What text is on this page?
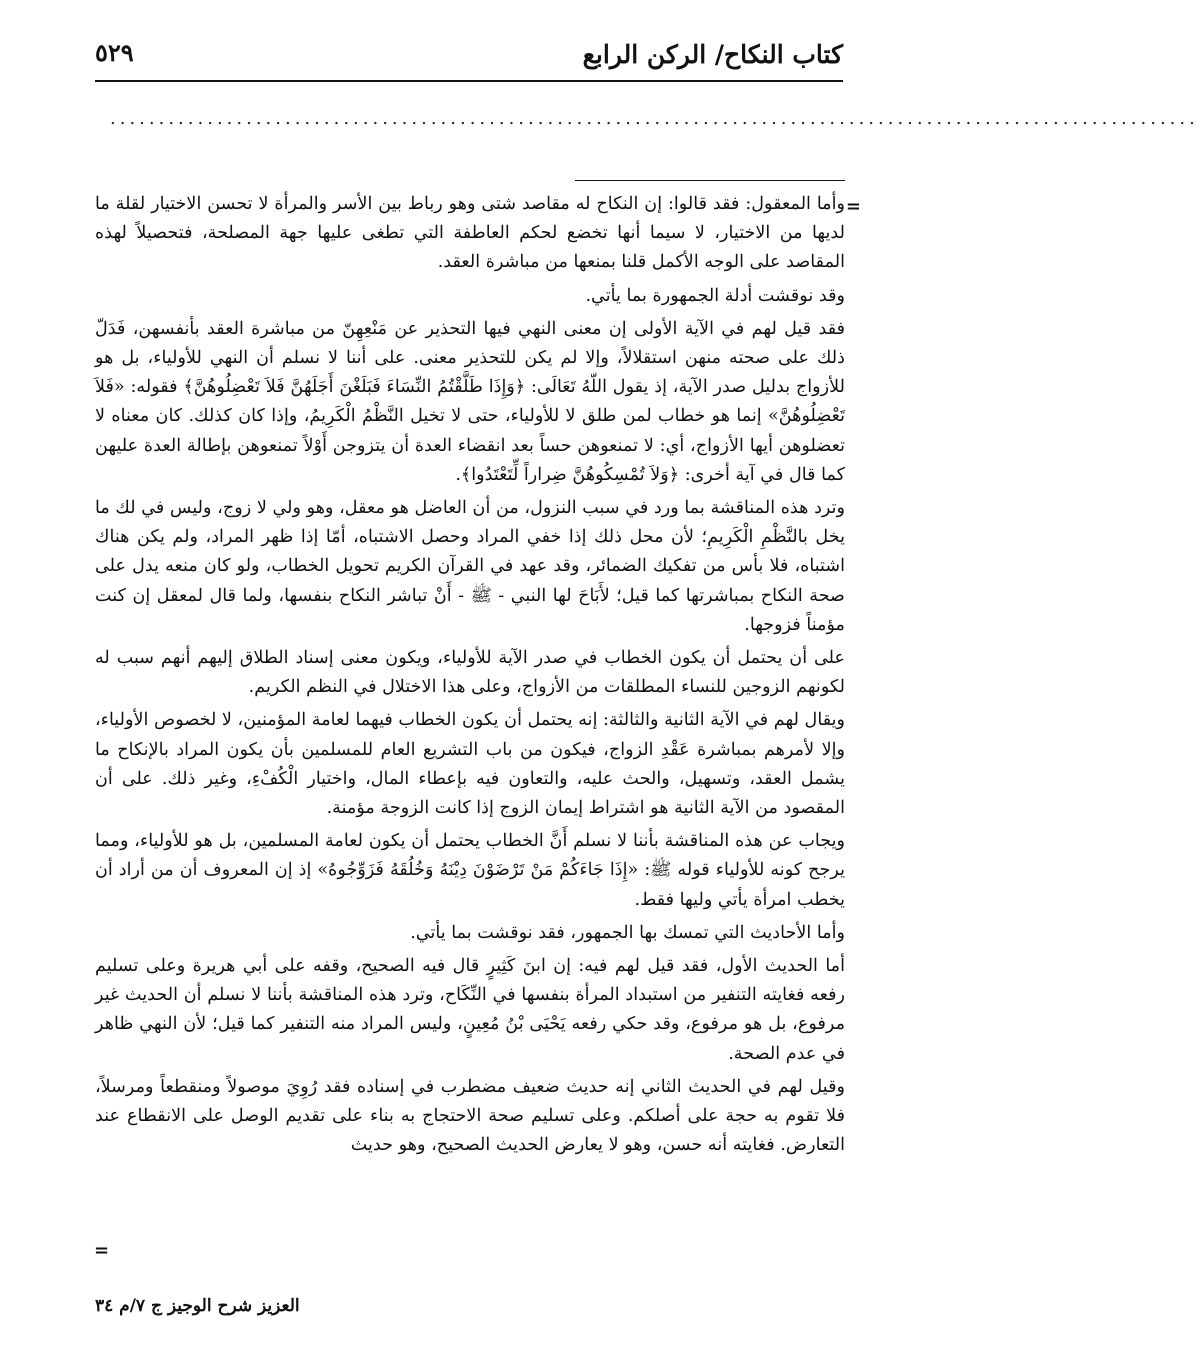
كتاب النكاح/ الركن الرابع
٥٢٩
................................................................................................................
=

وأما المعقول: فقد قالوا: إن النكاح له مقاصد شتى وهو رباط بين الأسر والمرأة لا تحسن الاختيار لقلة ما لديها من الاختيار، لا سيما أنها تخضع لحكم العاطفة التي تطغى عليها جهة المصلحة، فتحصيلاً لهذه المقاصد على الوجه الأكمل قلنا بمنعها من مباشرة العقد.

وقد نوقشت أدلة الجمهورة بما يأتي.

فقد قيل لهم في الآية الأولى إن معنى النهي فيها التحذير عن مَنْعِهِنّ من مباشرة العقد بأنفسهن، فَدَلّ ذلك على صحته منهن استقلالاً، وإلا لم يكن للتحذير معنى. على أننا لا نسلم أن النهي للأولياء، بل هو للأزواج بدليل صدر الآية، إذ يقول اللّهُ تَعَالَى: ﴿وَإِذَا طَلَّقْتُمُ النِّسَاءَ فَبَلَغْنَ أَجَلَهُنَّ فَلاَ تَعْضِلُوهُنَّ﴾ فقوله: «فَلاَ تَعْضِلُوهُنَّ» إنما هو خطاب لمن طلق لا للأولياء، حتى لا تخيل النَّظْمُ الْكَرِيمُ، وإذا كان كذلك. كان معناه لا تعضلوهن أيها الأزواج، أي: لا تمنعوهن حساً بعد انقضاء العدة أن يتزوجن أَوْلاً تمنعوهن بإطالة العدة عليهن كما قال في آية أخرى: ﴿وَلاَ تُمْسِكُوهُنَّ ضِراراً لِّتَعْتَدُوا﴾.

وترد هذه المناقشة بما ورد في سبب النزول، من أن العاضل هو معقل، وهو ولي لا زوج، وليس في لك ما يخل بالنَّظْمِ الْكَرِيمِ؛ لأن محل ذلك إذا خفي المراد وحصل الاشتباه، أمّا إذا ظهر المراد، ولم يكن هناك اشتباه، فلا بأس من تفكيك الضمائر، وقد عهد في القرآن الكريم تحويل الخطاب، ولو كان منعه يدل على صحة النكاح بمباشرتها كما قيل؛ لأَبَاحَ لها النبي - ﷺ - أَنْ تباشر النكاح بنفسها، ولما قال لمعقل إن كنت مؤمناً فزوجها.

على أن يحتمل أن يكون الخطاب في صدر الآية للأولياء، ويكون معنى إسناد الطلاق إليهم أنهم سبب له لكونهم الزوجين للنساء المطلقات من الأزواج، وعلى هذا الاختلال في النظم الكريم.

ويقال لهم في الآية الثانية والثالثة: إنه يحتمل أن يكون الخطاب فيهما لعامة المؤمنين، لا لخصوص الأولياء، وإلا لأمرهم بمباشرة عَقْدِ الزواج، فيكون من باب التشريع العام للمسلمين بأن يكون المراد بالإنكاح ما يشمل العقد، وتسهيل، والحث عليه، والتعاون فيه بإعطاء المال، واختيار الْكُفْءِ، وغير ذلك. على أن المقصود من الآية الثانية هو اشتراط إيمان الزوج إذا كانت الزوجة مؤمنة.

ويجاب عن هذه المناقشة بأننا لا نسلم أَنَّ الخطاب يحتمل أن يكون لعامة المسلمين، بل هو للأولياء، ومما يرجح كونه للأولياء قوله ﷺ: «إِذَا جَاءَكُمْ مَنْ تَرْضَوْنَ دِيْنَهُ وَخُلُقَهُ فَزَوِّجُوهُ» إذ إن المعروف أن من أراد أن يخطب امرأة يأتي وليها فقط.

وأما الأحاديث التي تمسك بها الجمهور، فقد نوقشت بما يأتي.

أما الحديث الأول، فقد قيل لهم فيه: إن ابنَ كَثِيرٍ قال فيه الصحيح، وقفه على أبي هريرة وعلى تسليم رفعه فغايته التنفير من استبداد المرأة بنفسها في النِّكَاح، وترد هذه المناقشة بأننا لا نسلم أن الحديث غير مرفوع، بل هو مرفوع، وقد حكي رفعه يَحْيَى بْنُ مُعِينٍ، وليس المراد منه التنفير كما قيل؛ لأن النهي ظاهر في عدم الصحة.

وقيل لهم في الحديث الثاني إنه حديث ضعيف مضطرب في إسناده فقد رُوِيَ موصولاً ومنقطعاً ومرسلاً، فلا تقوم به حجة على أصلكم. وعلى تسليم صحة الاحتجاج به بناء على تقديم الوصل على الانقطاع عند التعارض. فغايته أنه حسن، وهو لا يعارض الحديث الصحيح، وهو حديث

=
العزيز شرح الوجيز ج ٧/م ٣٤
